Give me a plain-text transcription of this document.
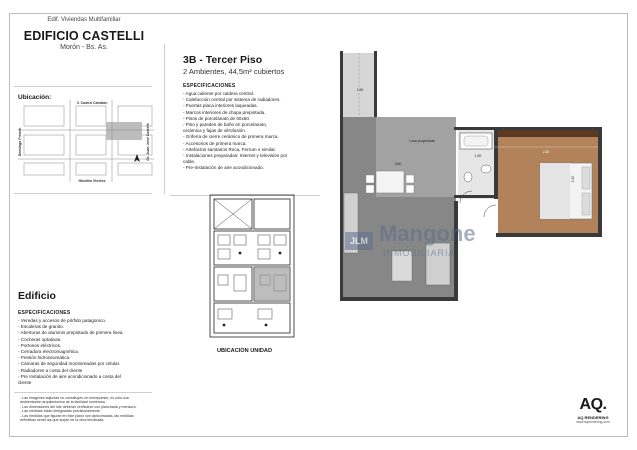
Edif. Viviendas Multifamiliar
EDIFICIO CASTELLI
Morón - Bs. As.
Ubicación:
V. Castro Cambón
Hipólito Vieytes
Domingo French	Dr. Juan José Castelli
Edificio
ESPECIFICACIONES
- Veredas y accesos de pórfido patagonico.
- Escaleras de granito.
- Aberturas de aluminio prepintado de primera linea.
- Cocheras optativas.
- Portones eléctricos.
- Cerradura electromagnética.
- Presión hidroneumática.
- Cámaras de seguridad monitoreadas por celular.
- Radiadores a costa del cliente
- Pre Instalación de aire acondicionado a costa del
cliente
- Las imagenes adjuntas no constituyen un entrepuesto, es solo una
ambientación arquitectónica de la facilidad numerosa.
- Las dimensiones del lote deberán verificarse con planchada y mensura.
- Las medidas están designadas provisionalmente.
- Las medidas que figuran en este plano son aproximadas, las medidas
definitivas serán las que surjan de la obra terminada.
3B - Tercer Piso
2 Ambientes, 44,5m² cubiertos
ESPECIFICACIONES
- Agua caliente por caldera central.
- Calefacción central por sistema de radiadores.
- Puertas placa interiores laqueadas.
- Marcos interiores de chapa prepintada.
- Pisos de porcelanato de 60x60.
- Piso y paredes de baño en porcelanato,
cerámica y fajas de vitrofusión.
- Grifería de cierre cerámico de primera marca.
- Accesorios de primera marca.
- Artefactos sanitarios Roca, Ferrum o similar.
- Instalaciones preparadas: Internet y televisión por
cable.
- Pre-Instalación de aire acondicionado.
UBICACION UNIDAD
1.50
3.60
Losa proyectada
1.50
2.25
2.30
JLM Mangone
INMOBILIARIA
AQ.
AQ RENDERING
www.aqrendering.com
